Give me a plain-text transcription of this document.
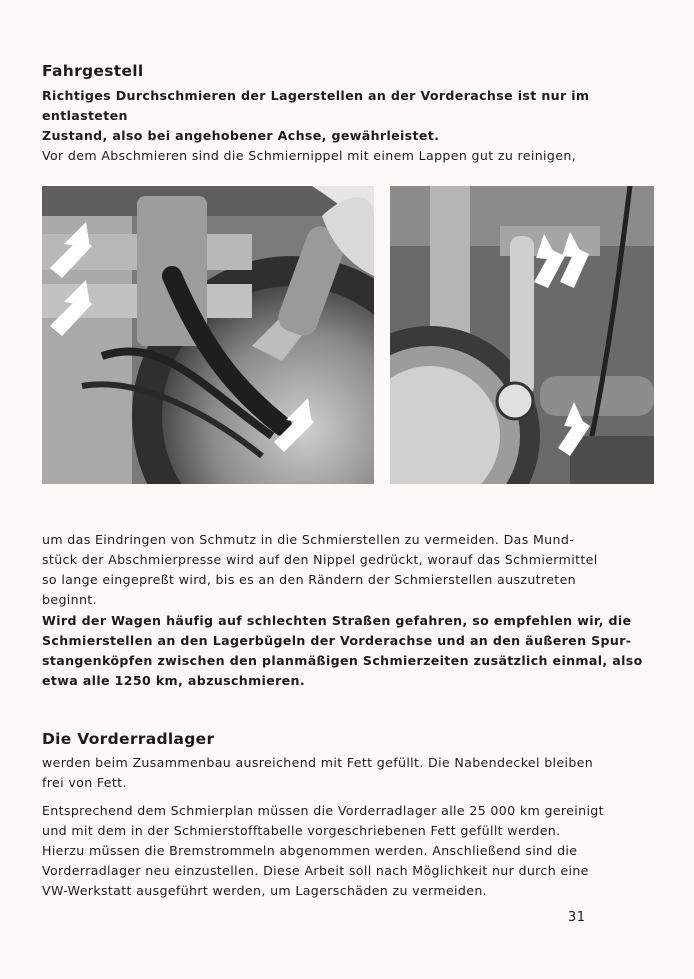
Fahrgestell

Richtiges Durchschmieren der Lagerstellen an der Vorderachse ist nur im entlasteten

Zustand, also bei angehobener Achse, gewährleistet.

Vor dem Abschmieren sind die Schmiernippel mit einem Lappen gut zu reinigen,

um das Eindringen von Schmutz in die Schmierstellen zu vermeiden. Das Mund-

stück der Abschmierpresse wird auf den Nippel gedrückt, worauf das Schmiermittel

so lange eingepreßt wird, bis es an den Rändern der Schmierstellen auszutreten

beginnt.

Wird der Wagen häufig auf schlechten Straßen gefahren, so empfehlen wir, die

Schmierstellen an den Lagerbügeln der Vorderachse und an den äußeren Spur-

stangenköpfen zwischen den planmäßigen Schmierzeiten zusätzlich einmal, also

etwa alle 1250 km, abzuschmieren.

Die Vorderradlager

werden beim Zusammenbau ausreichend mit Fett gefüllt. Die Nabendeckel bleiben

frei von Fett.

Entsprechend dem Schmierplan müssen die Vorderradlager alle 25 000 km gereinigt

und mit dem in der Schmierstofftabelle vorgeschriebenen Fett gefüllt werden.

Hierzu müssen die Bremstrommeln abgenommen werden. Anschließend sind die

Vorderradlager neu einzustellen. Diese Arbeit soll nach Möglichkeit nur durch eine

VW-Werkstatt ausgeführt werden, um Lagerschäden zu vermeiden.

31
